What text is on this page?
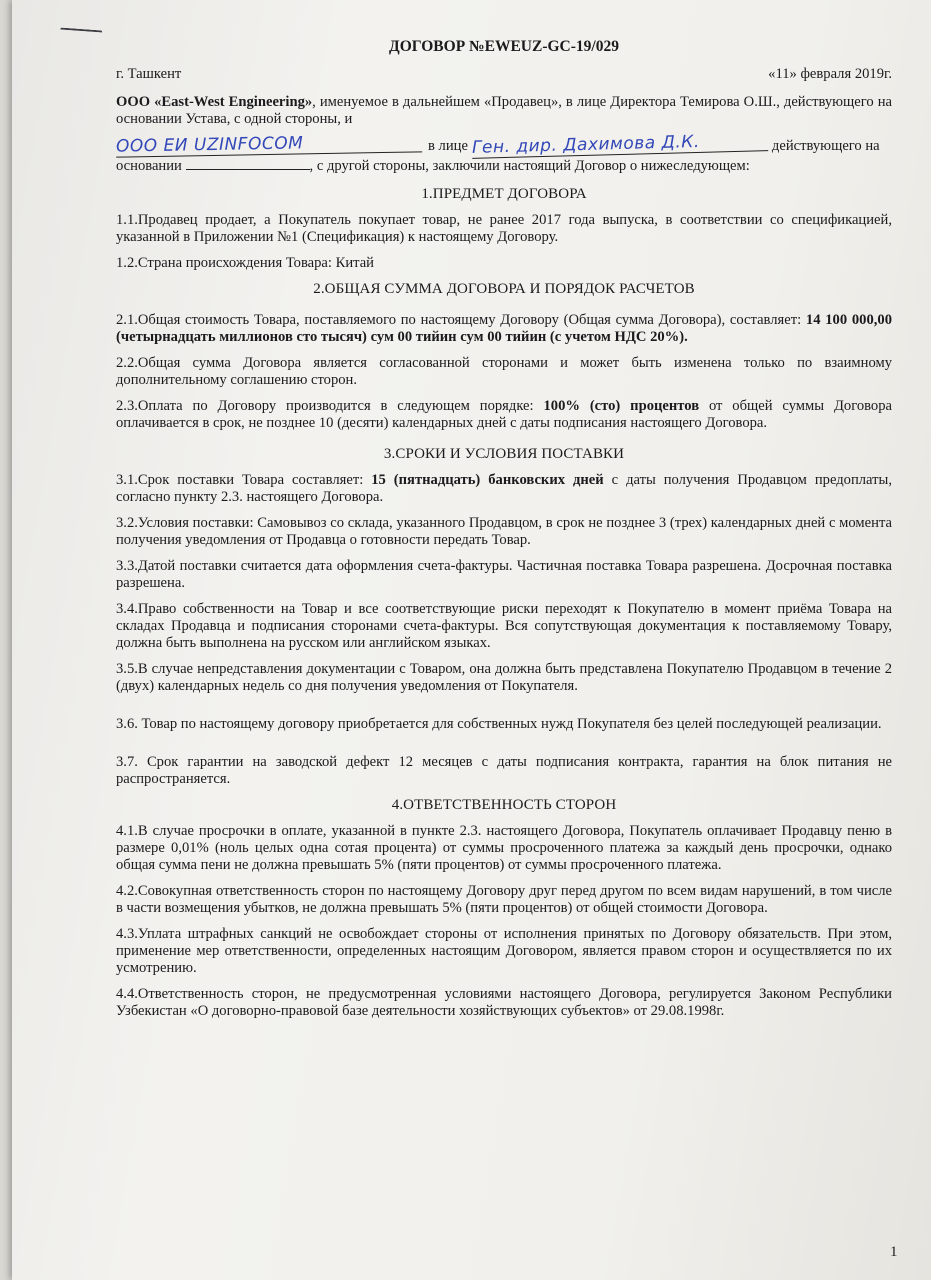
ДОГОВОР №EWEUZ-GC-19/029
г. Ташкент	«11» февраля 2019г.

ООО «East-West Engineering», именуемое в дальнейшем «Продавец», в лице Директора Темирова О.Ш., действующего на основании Устава, с одной стороны, и

ООО ЕИ UZINFOCOM	в лице Ген. дир. Дахимова Д.К.	действующего на

основании	, с другой стороны, заключили настоящий Договор о нижеследующем:

1.ПРЕДМЕТ ДОГОВОРА

1.1.Продавец продает, а Покупатель покупает товар, не ранее 2017 года выпуска, в соответствии со спецификацией, указанной в Приложении №1 (Спецификация) к настоящему Договору.

1.2.Страна происхождения Товара: Китай

2.ОБЩАЯ СУММА ДОГОВОРА И ПОРЯДОК РАСЧЕТОВ

2.1.Общая стоимость Товара, поставляемого по настоящему Договору (Общая сумма Договора), составляет: 14 100 000,00 (четырнадцать миллионов сто тысяч) сум 00 тийин сум 00 тийин (с учетом НДС 20%).

2.2.Общая сумма Договора является согласованной сторонами и может быть изменена только по взаимному дополнительному соглашению сторон.

2.3.Оплата по Договору производится в следующем порядке: 100% (сто) процентов от общей суммы Договора оплачивается в срок, не позднее 10 (десяти) календарных дней с даты подписания настоящего Договора.

3.СРОКИ И УСЛОВИЯ ПОСТАВКИ

3.1.Срок поставки Товара составляет: 15 (пятнадцать) банковских дней с даты получения Продавцом предоплаты, согласно пункту 2.3. настоящего Договора.

3.2.Условия поставки: Самовывоз со склада, указанного Продавцом, в срок не позднее 3 (трех) календарных дней с момента получения уведомления от Продавца о готовности передать Товар.

3.3.Датой поставки считается дата оформления счета-фактуры. Частичная поставка Товара разрешена. Досрочная поставка разрешена.

3.4.Право собственности на Товар и все соответствующие риски переходят к Покупателю в момент приёма Товара на складах Продавца и подписания сторонами счета-фактуры. Вся сопутствующая документация к поставляемому Товару, должна быть выполнена на русском или английском языках.

3.5.В случае непредставления документации с Товаром, она должна быть представлена Покупателю Продавцом в течение 2 (двух) календарных недель со дня получения уведомления от Покупателя.

3.6. Товар по настоящему договору приобретается для собственных нужд Покупателя без целей последующей реализации.

3.7. Срок гарантии на заводской дефект 12 месяцев с даты подписания контракта, гарантия на блок питания не распространяется.

4.ОТВЕТСТВЕННОСТЬ СТОРОН

4.1.В случае просрочки в оплате, указанной в пункте 2.3. настоящего Договора, Покупатель оплачивает Продавцу пеню в размере 0,01% (ноль целых одна сотая процента) от суммы просроченного платежа за каждый день просрочки, однако общая сумма пени не должна превышать 5% (пяти процентов) от суммы просроченного платежа.

4.2.Совокупная ответственность сторон по настоящему Договору друг перед другом по всем видам нарушений, в том числе в части возмещения убытков, не должна превышать 5% (пяти процентов) от общей стоимости Договора.

4.3.Уплата штрафных санкций не освобождает стороны от исполнения принятых по Договору обязательств. При этом, применение мер ответственности, определенных настоящим Договором, является правом сторон и осуществляется по их усмотрению.

4.4.Ответственность сторон, не предусмотренная условиями настоящего Договора, регулируется Законом Республики Узбекистан «О договорно-правовой базе деятельности хозяйствующих субъектов» от 29.08.1998г.

1
